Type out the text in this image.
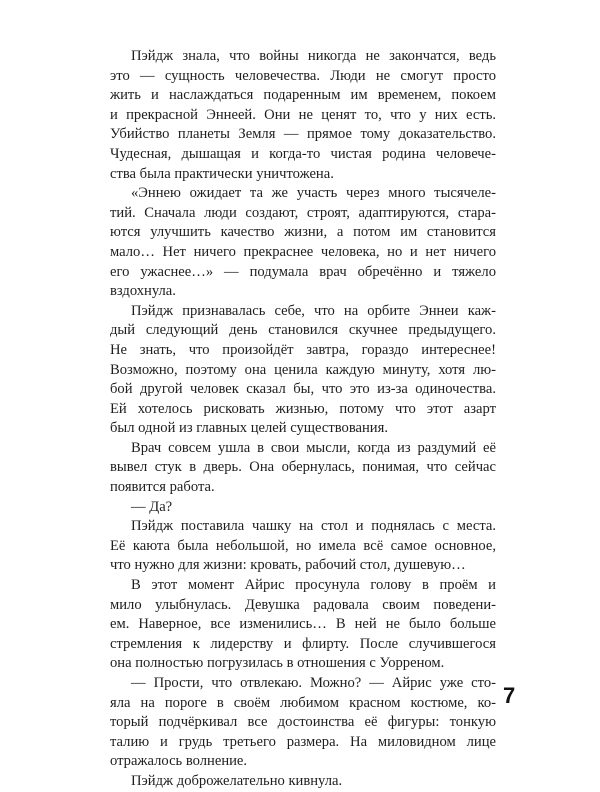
Пэйдж знала, что войны никогда не закончатся, ведь
это — сущность человечества. Люди не смогут просто
жить и наслаждаться подаренным им временем, покоем
и прекрасной Эннеей. Они не ценят то, что у них есть.
Убийство планеты Земля — прямое тому доказательство.
Чудесная, дышащая и когда-то чистая родина человече-
ства была практически уничтожена.
«Эннею ожидает та же участь через много тысячеле-
тий. Сначала люди создают, строят, адаптируются, стара-
ются улучшить качество жизни, а потом им становится
мало… Нет ничего прекраснее человека, но и нет ничего
его ужаснее…» — подумала врач обречённо и тяжело
вздохнула.
Пэйдж признавалась себе, что на орбите Эннеи каж-
дый следующий день становился скучнее предыдущего.
Не знать, что произойдёт завтра, гораздо интереснее!
Возможно, поэтому она ценила каждую минуту, хотя лю-
бой другой человек сказал бы, что это из-за одиночества.
Ей хотелось рисковать жизнью, потому что этот азарт
был одной из главных целей существования.
Врач совсем ушла в свои мысли, когда из раздумий её
вывел стук в дверь. Она обернулась, понимая, что сейчас
появится работа.
— Да?
Пэйдж поставила чашку на стол и поднялась с места.
Её каюта была небольшой, но имела всё самое основное,
что нужно для жизни: кровать, рабочий стол, душевую…
В этот момент Айрис просунула голову в проём и
мило улыбнулась. Девушка радовала своим поведени-
ем. Наверное, все изменились… В ней не было больше
стремления к лидерству и флирту. После случившегося
она полностью погрузилась в отношения с Уорреном.
— Прости, что отвлекаю. Можно? — Айрис уже сто-
яла на пороге в своём любимом красном костюме, ко-
торый подчёркивал все достоинства её фигуры: тонкую
талию и грудь третьего размера. На миловидном лице
отражалось волнение.
Пэйдж доброжелательно кивнула.
7
